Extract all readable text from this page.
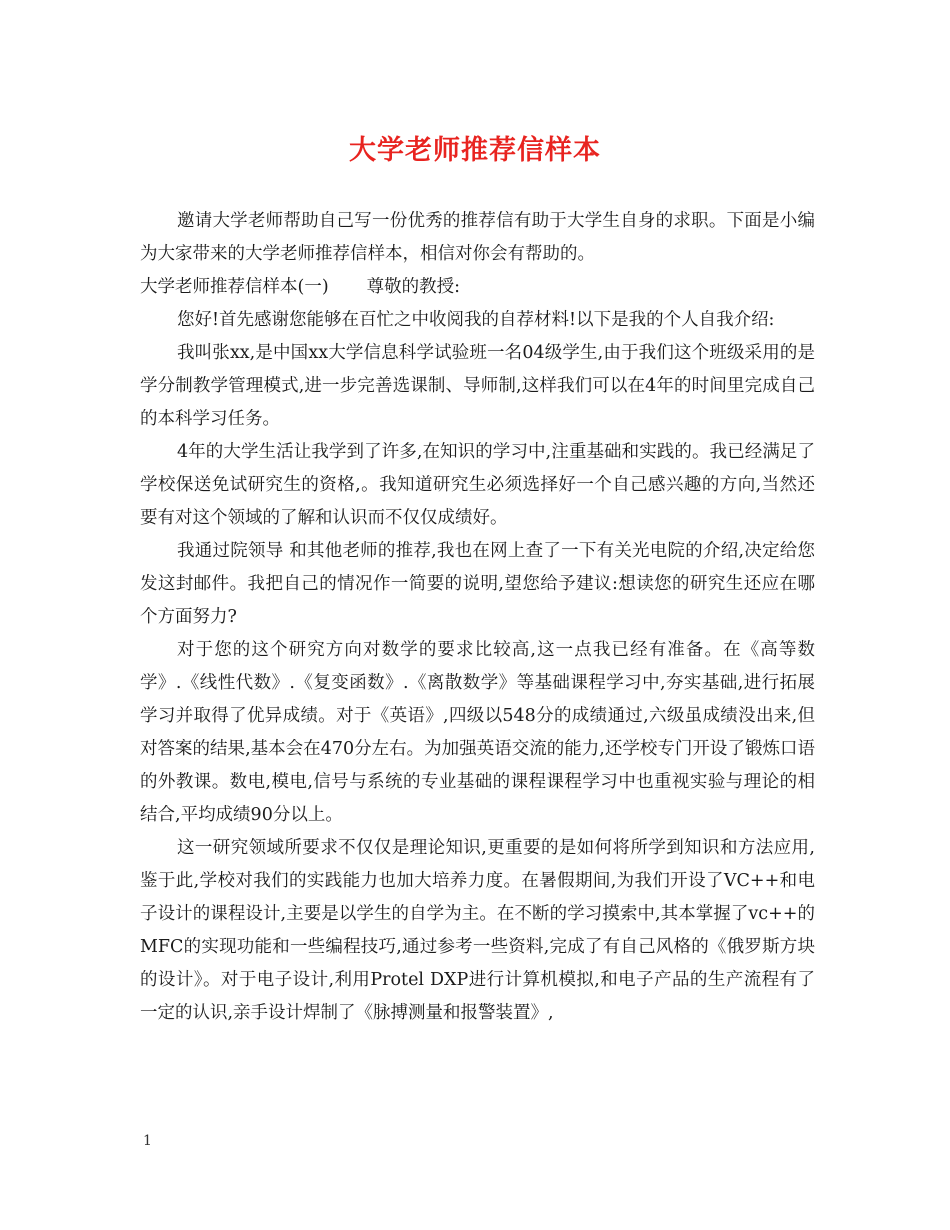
大学老师推荐信样本

邀请大学老师帮助自己写一份优秀的推荐信有助于大学生自身的求职。下面是小编为大家带来的大学老师推荐信样本，相信对你会有帮助的。

大学老师推荐信样本(一) 尊敬的教授:

您好!首先感谢您能够在百忙之中收阅我的自荐材料!以下是我的个人自我介绍:

我叫张xx,是中国xx大学信息科学试验班一名04级学生,由于我们这个班级采用的是学分制教学管理模式,进一步完善选课制、导师制,这样我们可以在4年的时间里完成自己的本科学习任务。

4年的大学生活让我学到了许多,在知识的学习中,注重基础和实践的。我已经满足了学校保送免试研究生的资格,。我知道研究生必须选择好一个自己感兴趣的方向,当然还要有对这个领域的了解和认识而不仅仅成绩好。

我通过院领导 和其他老师的推荐,我也在网上查了一下有关光电院的介绍,决定给您发这封邮件。我把自己的情况作一简要的说明,望您给予建议:想读您的研究生还应在哪个方面努力?

对于您的这个研究方向对数学的要求比较高,这一点我已经有准备。在《高等数学》.《线性代数》.《复变函数》.《离散数学》等基础课程学习中,夯实基础,进行拓展学习并取得了优异成绩。对于《英语》,四级以548分的成绩通过,六级虽成绩没出来,但对答案的结果,基本会在470分左右。为加强英语交流的能力,还学校专门开设了锻炼口语的外教课。数电,模电,信号与系统的专业基础的课程课程学习中也重视实验与理论的相结合,平均成绩90分以上。

这一研究领域所要求不仅仅是理论知识,更重要的是如何将所学到知识和方法应用,鉴于此,学校对我们的实践能力也加大培养力度。在暑假期间,为我们开设了VC++和电子设计的课程设计,主要是以学生的自学为主。在不断的学习摸索中,其本掌握了vc++的MFC的实现功能和一些编程技巧,通过参考一些资料,完成了有自己风格的《俄罗斯方块的设计》。对于电子设计,利用Protel DXP进行计算机模拟,和电子产品的生产流程有了一定的认识,亲手设计焊制了《脉搏测量和报警装置》,

1
